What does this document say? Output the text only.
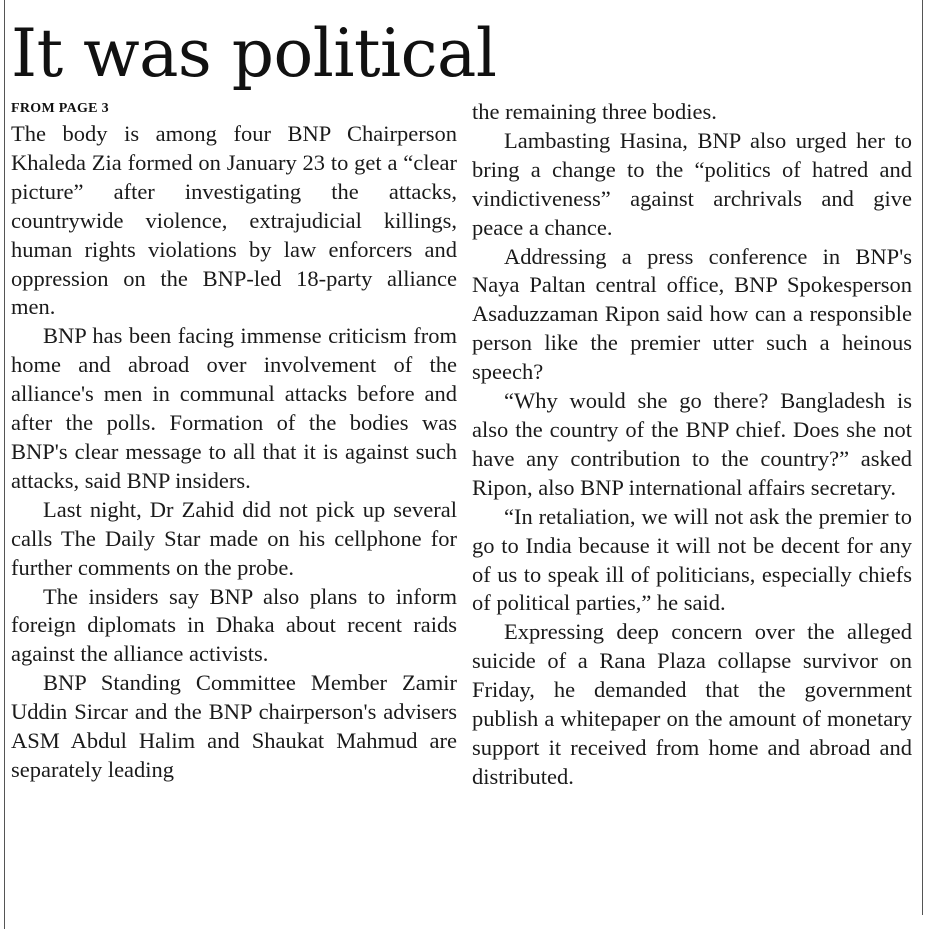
It was political
FROM PAGE 3

The body is among four BNP Chairperson Khaleda Zia formed on January 23 to get a “clear picture” after investigating the attacks, countrywide violence, extrajudicial killings, human rights violations by law enforcers and oppression on the BNP-led 18-party alliance men.

BNP has been facing immense criticism from home and abroad over involvement of the alliance's men in communal attacks before and after the polls. Formation of the bodies was BNP's clear message to all that it is against such attacks, said BNP insiders.

Last night, Dr Zahid did not pick up several calls The Daily Star made on his cellphone for further comments on the probe.

The insiders say BNP also plans to inform foreign diplomats in Dhaka about recent raids against the alliance activists.

BNP Standing Committee Member Zamir Uddin Sircar and the BNP chairperson's advisers ASM Abdul Halim and Shaukat Mahmud are separately leading

the remaining three bodies.

Lambasting Hasina, BNP also urged her to bring a change to the “politics of hatred and vindictiveness” against archrivals and give peace a chance.

Addressing a press conference in BNP's Naya Paltan central office, BNP Spokesperson Asaduzzaman Ripon said how can a responsible person like the premier utter such a heinous speech?

“Why would she go there? Bangladesh is also the country of the BNP chief. Does she not have any contribution to the country?” asked Ripon, also BNP international affairs secretary.

“In retaliation, we will not ask the premier to go to India because it will not be decent for any of us to speak ill of politicians, especially chiefs of political parties,” he said.

Expressing deep concern over the alleged suicide of a Rana Plaza collapse survivor on Friday, he demanded that the government publish a whitepaper on the amount of monetary support it received from home and abroad and distributed.
